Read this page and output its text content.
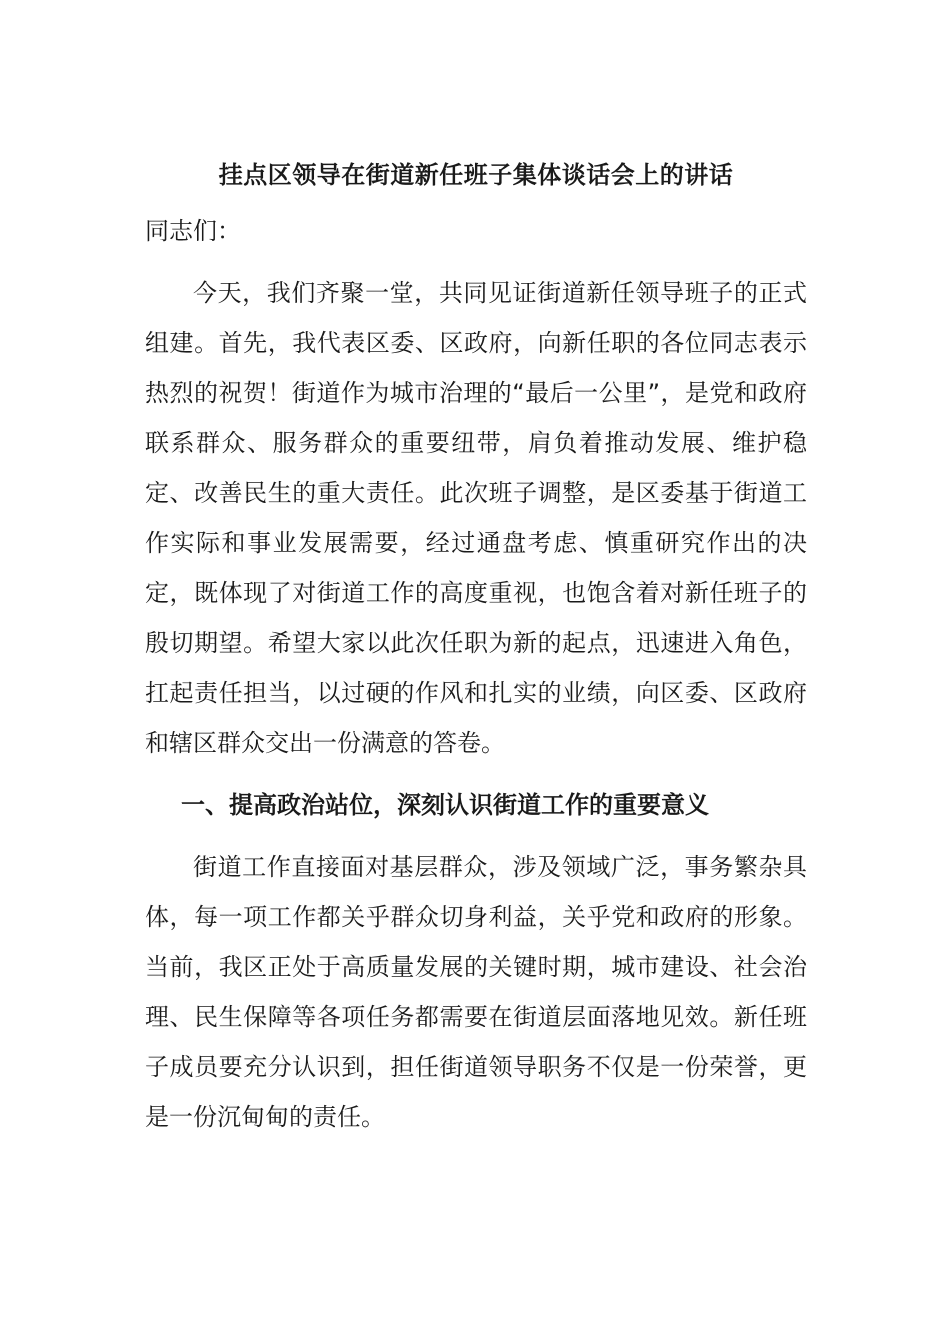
挂点区领导在街道新任班子集体谈话会上的讲话

同志们：

今天，我们齐聚一堂，共同见证街道新任领导班子的正式组建。首先，我代表区委、区政府，向新任职的各位同志表示热烈的祝贺！街道作为城市治理的“最后一公里”，是党和政府联系群众、服务群众的重要纽带，肩负着推动发展、维护稳定、改善民生的重大责任。此次班子调整，是区委基于街道工作实际和事业发展需要，经过通盘考虑、慎重研究作出的决定，既体现了对街道工作的高度重视，也饱含着对新任班子的殷切期望。希望大家以此次任职为新的起点，迅速进入角色，扛起责任担当，以过硬的作风和扎实的业绩，向区委、区政府和辖区群众交出一份满意的答卷。

一、提高政治站位，深刻认识街道工作的重要意义

街道工作直接面对基层群众，涉及领域广泛，事务繁杂具体，每一项工作都关乎群众切身利益，关乎党和政府的形象。当前，我区正处于高质量发展的关键时期，城市建设、社会治理、民生保障等各项任务都需要在街道层面落地见效。新任班子成员要充分认识到，担任街道领导职务不仅是一份荣誉，更是一份沉甸甸的责任。
